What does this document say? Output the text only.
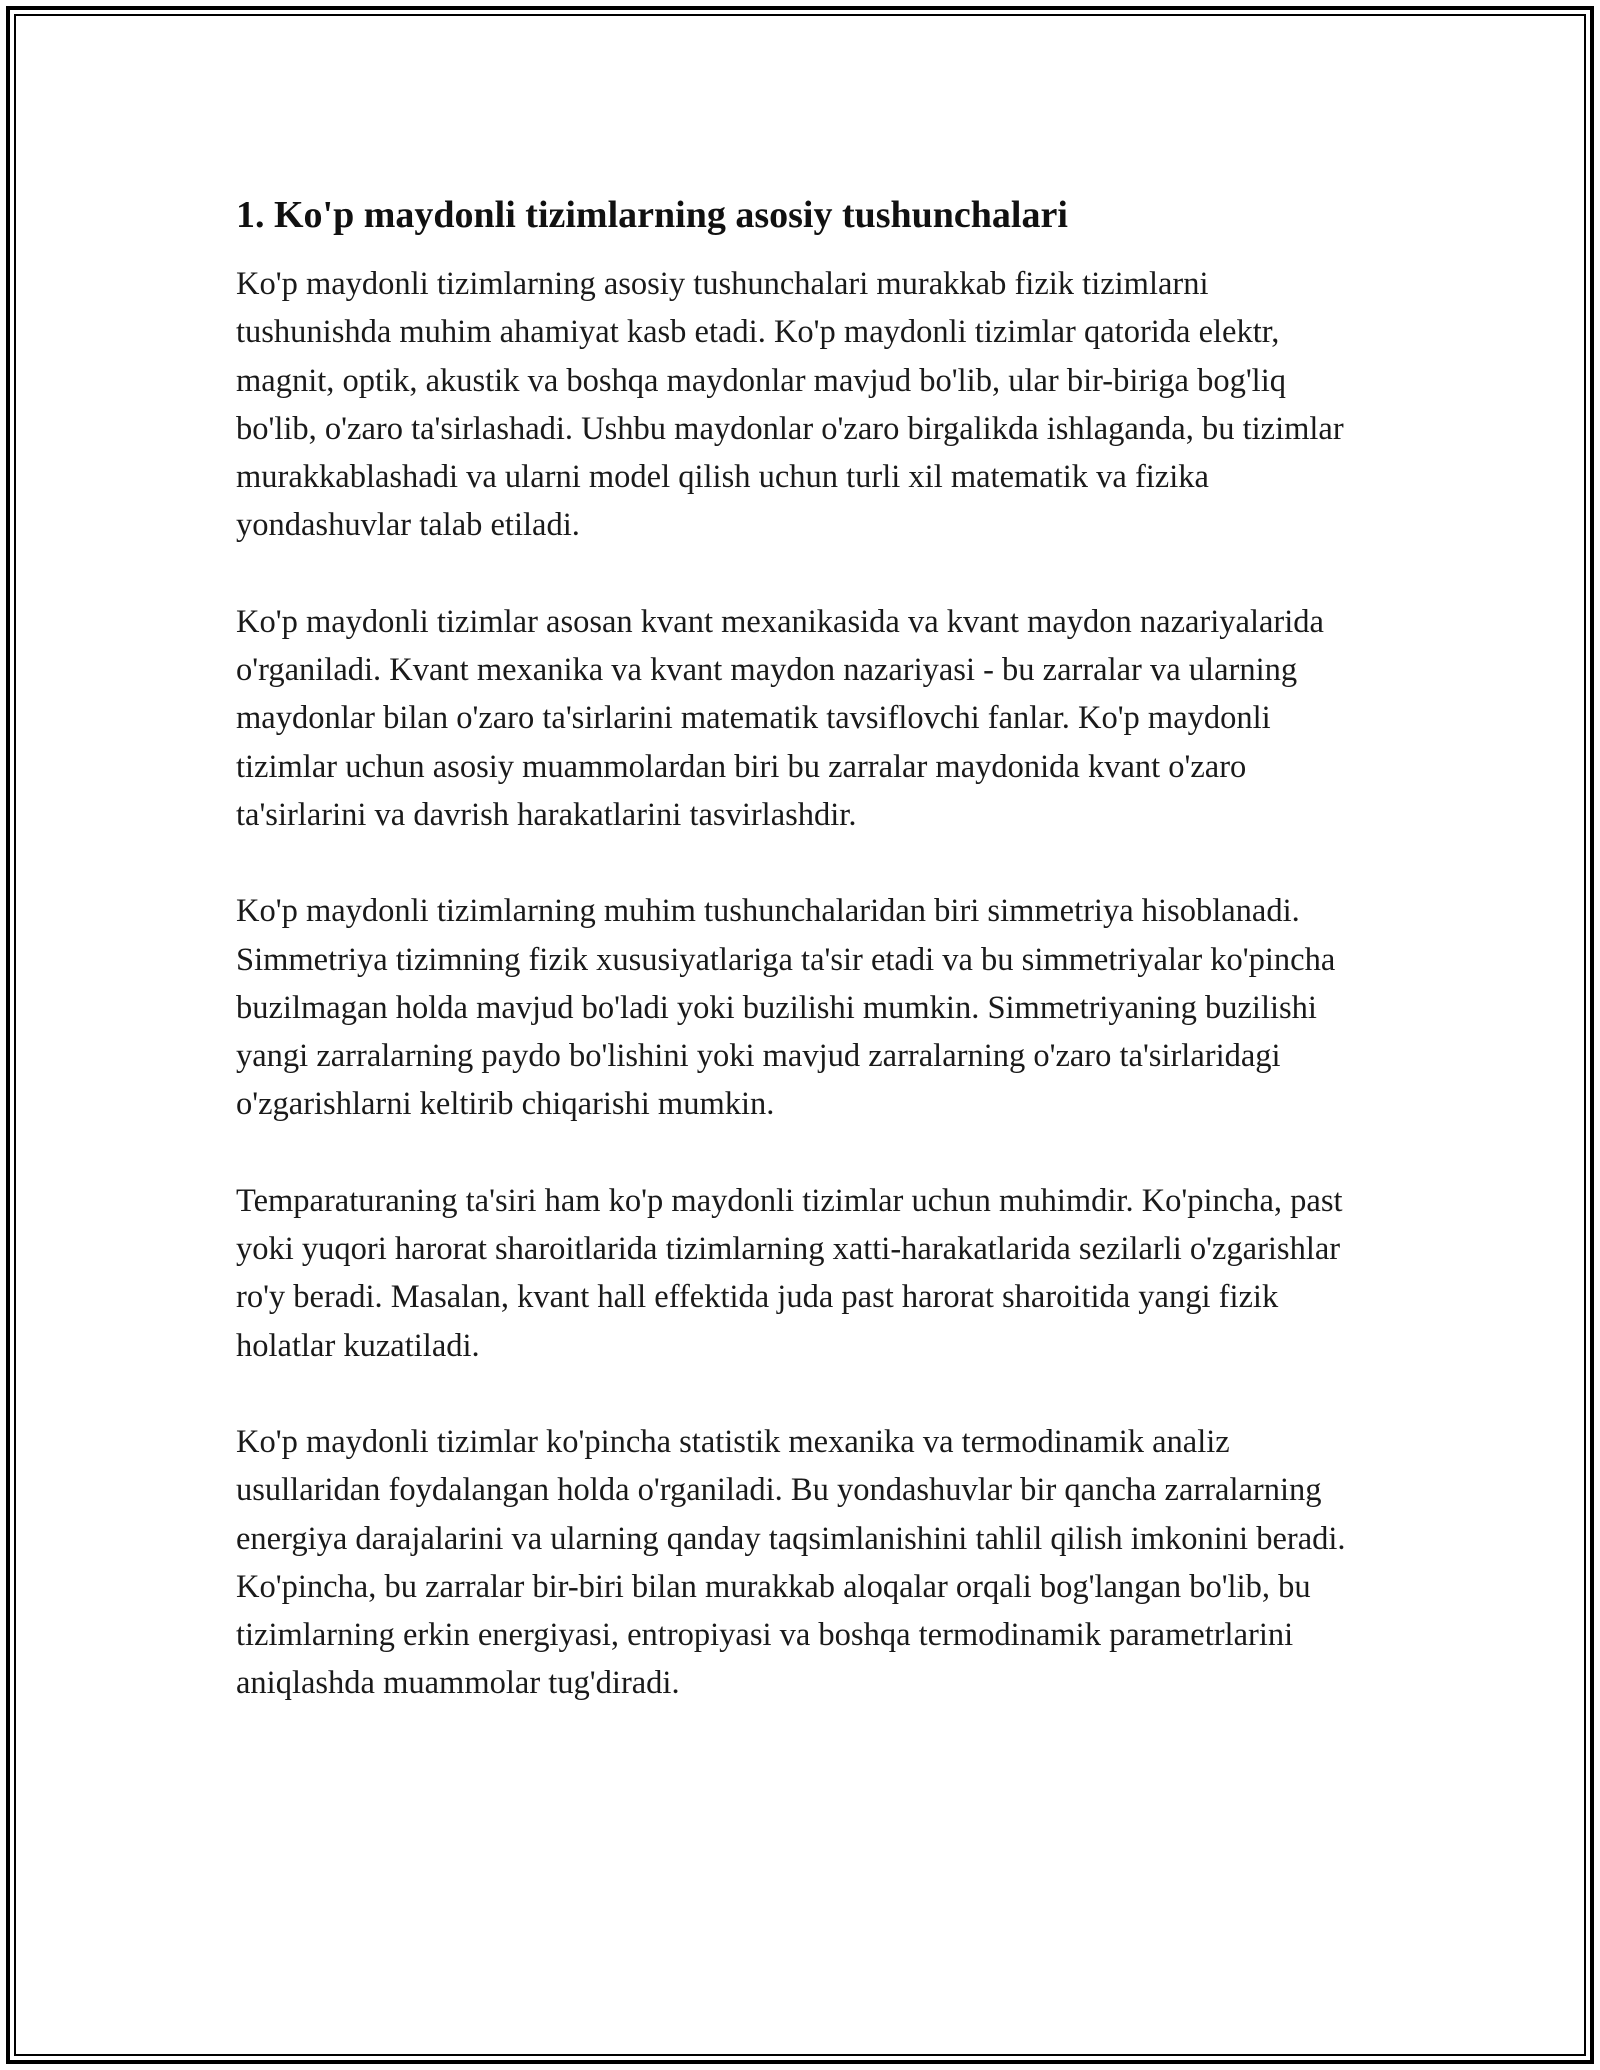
1. Ko'p maydonli tizimlarning asosiy tushunchalari

Ko'p maydonli tizimlarning asosiy tushunchalari murakkab fizik tizimlarni tushunishda muhim ahamiyat kasb etadi. Ko'p maydonli tizimlar qatorida elektr, magnit, optik, akustik va boshqa maydonlar mavjud bo'lib, ular bir-biriga bog'liq bo'lib, o'zaro ta'sirlashadi. Ushbu maydonlar o'zaro birgalikda ishlaganda, bu tizimlar murakkablashadi va ularni model qilish uchun turli xil matematik va fizika yondashuvlar talab etiladi.

Ko'p maydonli tizimlar asosan kvant mexanikasida va kvant maydon nazariyalarida o'rganiladi. Kvant mexanika va kvant maydon nazariyasi - bu zarralar va ularning maydonlar bilan o'zaro ta'sirlarini matematik tavsiflovchi fanlar. Ko'p maydonli tizimlar uchun asosiy muammolardan biri bu zarralar maydonida kvant o'zaro ta'sirlarini va davrish harakatlarini tasvirlashdir.

Ko'p maydonli tizimlarning muhim tushunchalaridan biri simmetriya hisoblanadi. Simmetriya tizimning fizik xususiyatlariga ta'sir etadi va bu simmetriyalar ko'pincha buzilmagan holda mavjud bo'ladi yoki buzilishi mumkin. Simmetriyaning buzilishi yangi zarralarning paydo bo'lishini yoki mavjud zarralarning o'zaro ta'sirlaridagi o'zgarishlarni keltirib chiqarishi mumkin.

Temparaturaning ta'siri ham ko'p maydonli tizimlar uchun muhimdir. Ko'pincha, past yoki yuqori harorat sharoitlarida tizimlarning xatti-harakatlarida sezilarli o'zgarishlar ro'y beradi. Masalan, kvant hall effektida juda past harorat sharoitida yangi fizik holatlar kuzatiladi.

Ko'p maydonli tizimlar ko'pincha statistik mexanika va termodinamik analiz usullaridan foydalangan holda o'rganiladi. Bu yondashuvlar bir qancha zarralarning energiya darajalarini va ularning qanday taqsimlanishini tahlil qilish imkonini beradi. Ko'pincha, bu zarralar bir-biri bilan murakkab aloqalar orqali bog'langan bo'lib, bu tizimlarning erkin energiyasi, entropiyasi va boshqa termodinamik parametrlarini aniqlashda muammolar tug'diradi.
